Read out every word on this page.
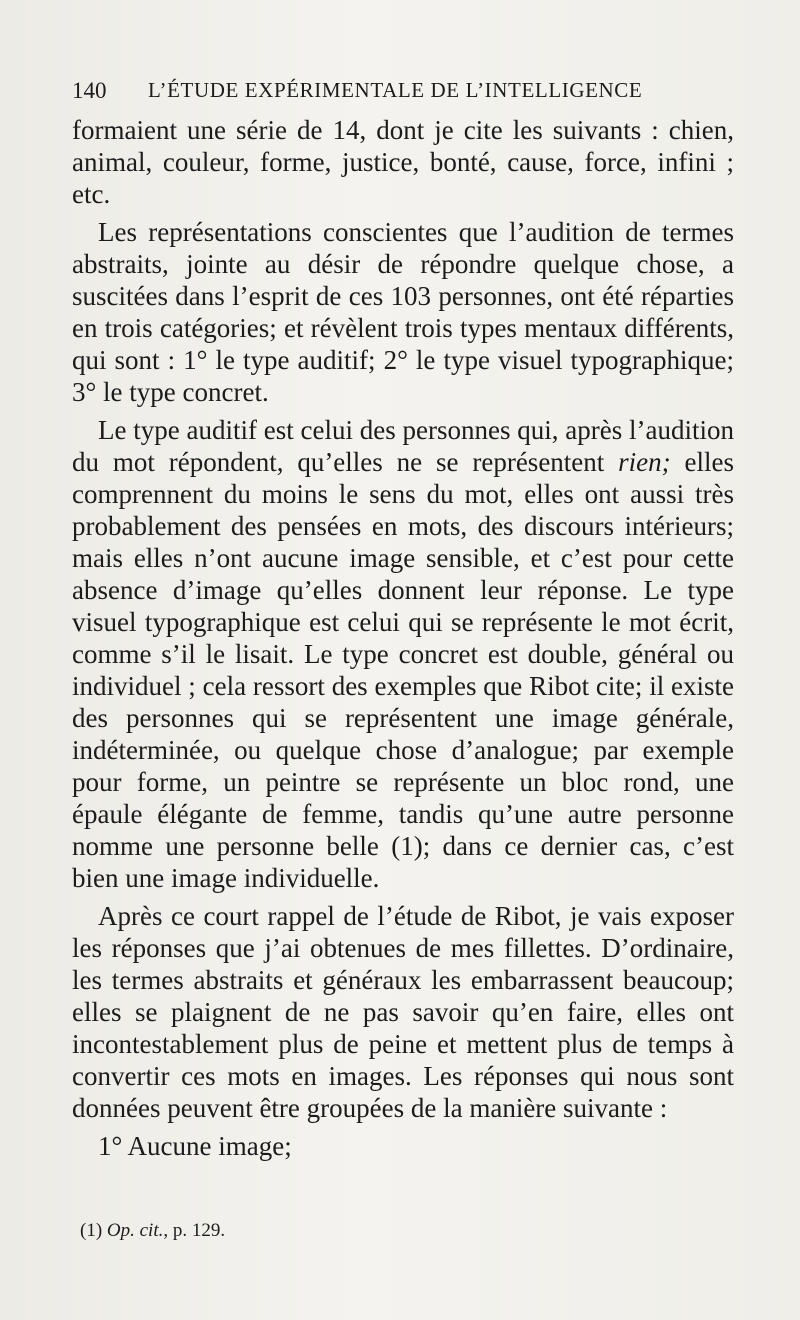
140 L’ÉTUDE EXPÉRIMENTALE DE L’INTELLIGENCE

formaient une série de 14, dont je cite les suivants : chien, animal, couleur, forme, justice, bonté, cause, force, infini ; etc.

Les représentations conscientes que l’audition de termes abstraits, jointe au désir de répondre quelque chose, a suscitées dans l’esprit de ces 103 personnes, ont été réparties en trois catégories; et révèlent trois types mentaux différents, qui sont : 1° le type auditif; 2° le type visuel typographique; 3° le type concret.

Le type auditif est celui des personnes qui, après l’audition du mot répondent, qu’elles ne se représentent rien; elles comprennent du moins le sens du mot, elles ont aussi très probablement des pensées en mots, des discours intérieurs; mais elles n’ont aucune image sensible, et c’est pour cette absence d’image qu’elles donnent leur réponse. Le type visuel typographique est celui qui se représente le mot écrit, comme s’il le lisait. Le type concret est double, général ou individuel ; cela ressort des exemples que Ribot cite; il existe des personnes qui se représentent une image générale, indéterminée, ou quelque chose d’analogue; par exemple pour forme, un peintre se représente un bloc rond, une épaule élégante de femme, tandis qu’une autre personne nomme une personne belle (1); dans ce dernier cas, c’est bien une image individuelle.

Après ce court rappel de l’étude de Ribot, je vais exposer les réponses que j’ai obtenues de mes fillettes. D’ordinaire, les termes abstraits et généraux les embarrassent beaucoup; elles se plaignent de ne pas savoir qu’en faire, elles ont incontestablement plus de peine et mettent plus de temps à convertir ces mots en images. Les réponses qui nous sont données peuvent être groupées de la manière suivante :

1° Aucune image;

(1) Op. cit., p. 129.
